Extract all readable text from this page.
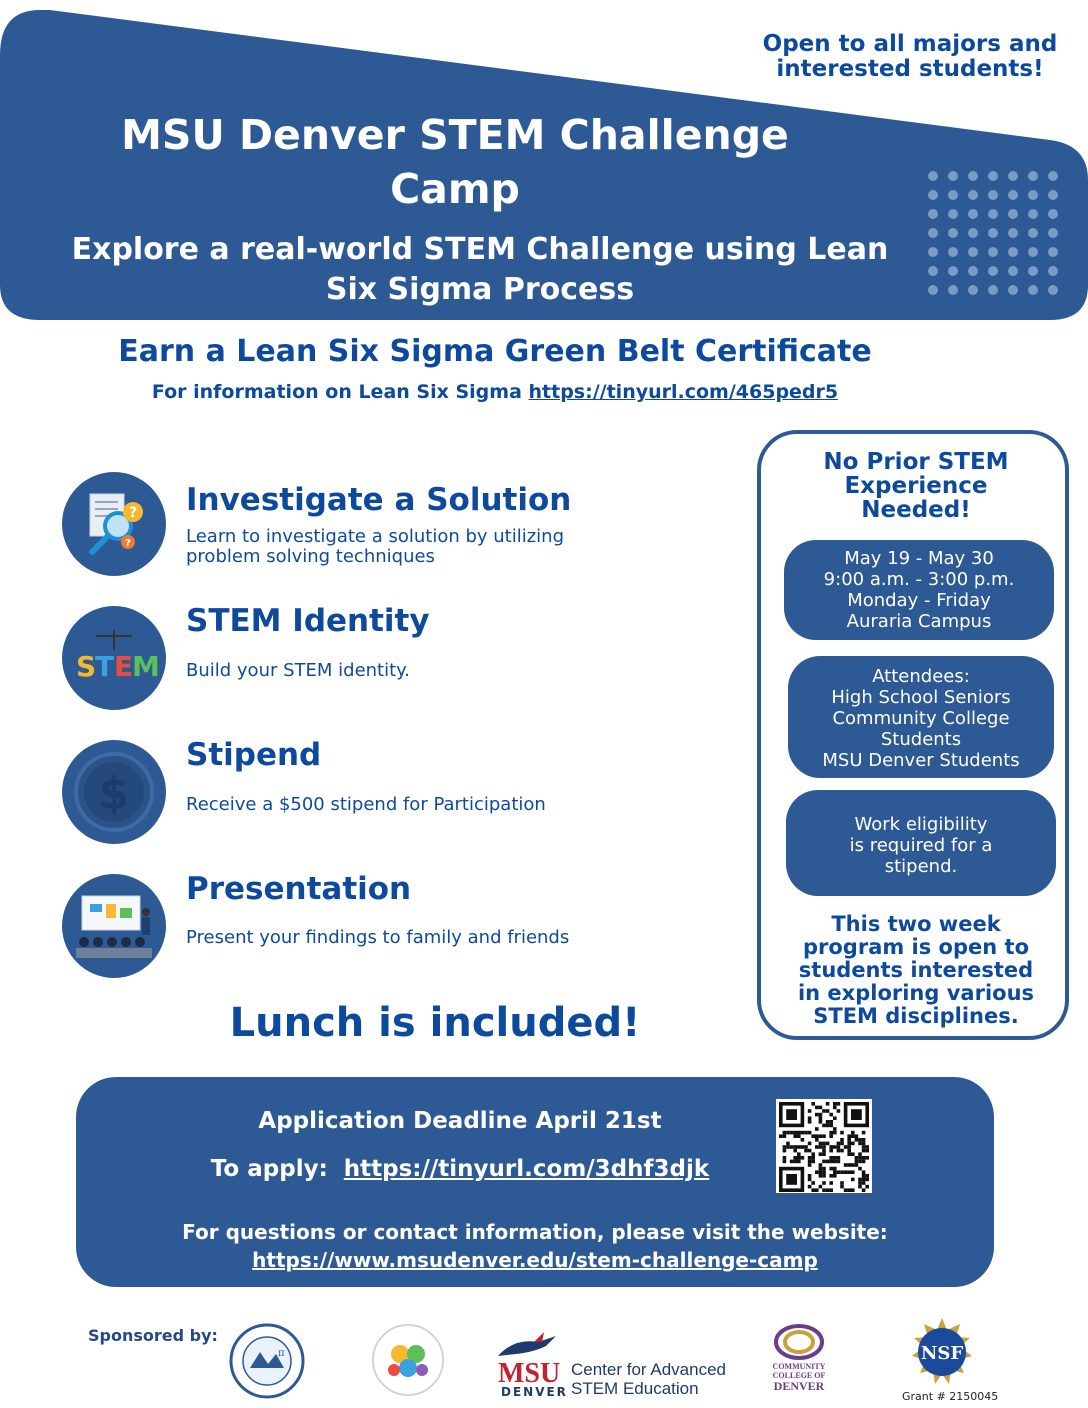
Open to all majors and
interested students!
MSU Denver STEM Challenge
Camp
Explore a real-world STEM Challenge using Lean
Six Sigma Process
Earn a Lean Six Sigma Green Belt Certificate
For information on Lean Six Sigma https://tinyurl.com/465pedr5
?
?
Investigate a Solution
Learn to investigate a solution by utilizing
problem solving techniques
S
T E
M
STEM Identity
Build your STEM identity.
$
Stipend
Receive a $500 stipend for Participation
Presentation
Present your findings to family and friends
Lunch is included!
No Prior STEM
Experience
Needed!
May 19 - May 30
9:00 a.m. - 3:00 p.m.
Monday - Friday
Auraria Campus
Attendees:
High School Seniors
Community College
Students
MSU Denver Students
Work eligibility
is required for a
stipend.
This two week
program is open to
students interested
in exploring various
STEM disciplines.
Application Deadline April 21st
To apply:  https://tinyurl.com/3dhf3djk
For questions or contact information, please visit the website:
https://www.msudenver.edu/stem-challenge-camp
Sponsored by:
π
MSU
DENVER
Center for Advanced
STEM Education
COMMUNITY
COLLEGE OF
DENVER
NSF
Grant # 2150045
